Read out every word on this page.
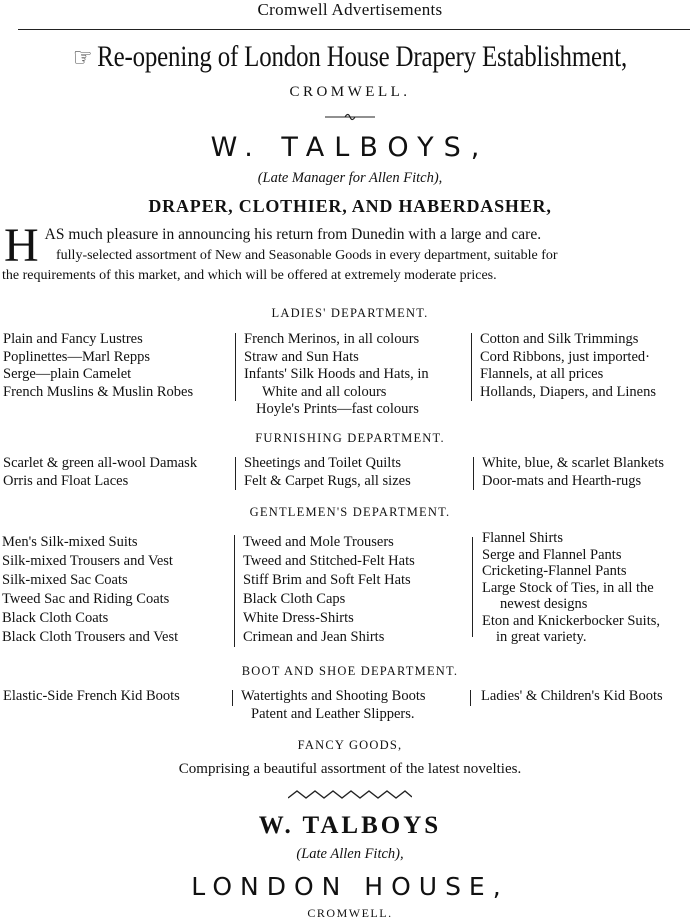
Cromwell Advertisements
☞ Re-opening of London House Drapery Establishment,
CROMWELL.
W. TALBOYS,
(Late Manager for Allen Fitch),
DRAPER, CLOTHIER, AND HABERDASHER,
H AS much pleasure in announcing his return from Dunedin with a large and care.

fully-selected assortment of New and Seasonable Goods in every department, suitable for

the requirements of this market, and which will be offered at extremely moderate prices.
LADIES' DEPARTMENT.
Plain and Fancy Lustres
Poplinettes—Marl Repps
Serge—plain Camelet
French Muslins & Muslin Robes
French Merinos, in all colours
Straw and Sun Hats
Infants' Silk Hoods and Hats, in
White and all colours
Hoyle's Prints—fast colours
Cotton and Silk Trimmings
Cord Ribbons, just imported·
Flannels, at all prices
Hollands, Diapers, and Linens
FURNISHING DEPARTMENT.
Scarlet & green all-wool Damask
Orris and Float Laces
Sheetings and Toilet Quilts
Felt & Carpet Rugs, all sizes
White, blue, & scarlet Blankets
Door-mats and Hearth-rugs
GENTLEMEN'S DEPARTMENT.
Men's Silk-mixed Suits
Silk-mixed Trousers and Vest
Silk-mixed Sac Coats
Tweed Sac and Riding Coats
Black Cloth Coats
Black Cloth Trousers and Vest
Tweed and Mole Trousers
Tweed and Stitched-Felt Hats
Stiff Brim and Soft Felt Hats
Black Cloth Caps
White Dress-Shirts
Crimean and Jean Shirts
Flannel Shirts
Serge and Flannel Pants
Cricketing-Flannel Pants
Large Stock of Ties, in all the
newest designs
Eton and Knickerbocker Suits,
in great variety.
BOOT AND SHOE DEPARTMENT.
Elastic-Side French Kid Boots	Watertights and Shooting Boots
Patent and Leather Slippers.
Ladies' & Children's Kid Boots
FANCY GOODS,
Comprising a beautiful assortment of the latest novelties.
W. TALBOYS
(Late Allen Fitch),
LONDON HOUSE,
CROMWELL.
